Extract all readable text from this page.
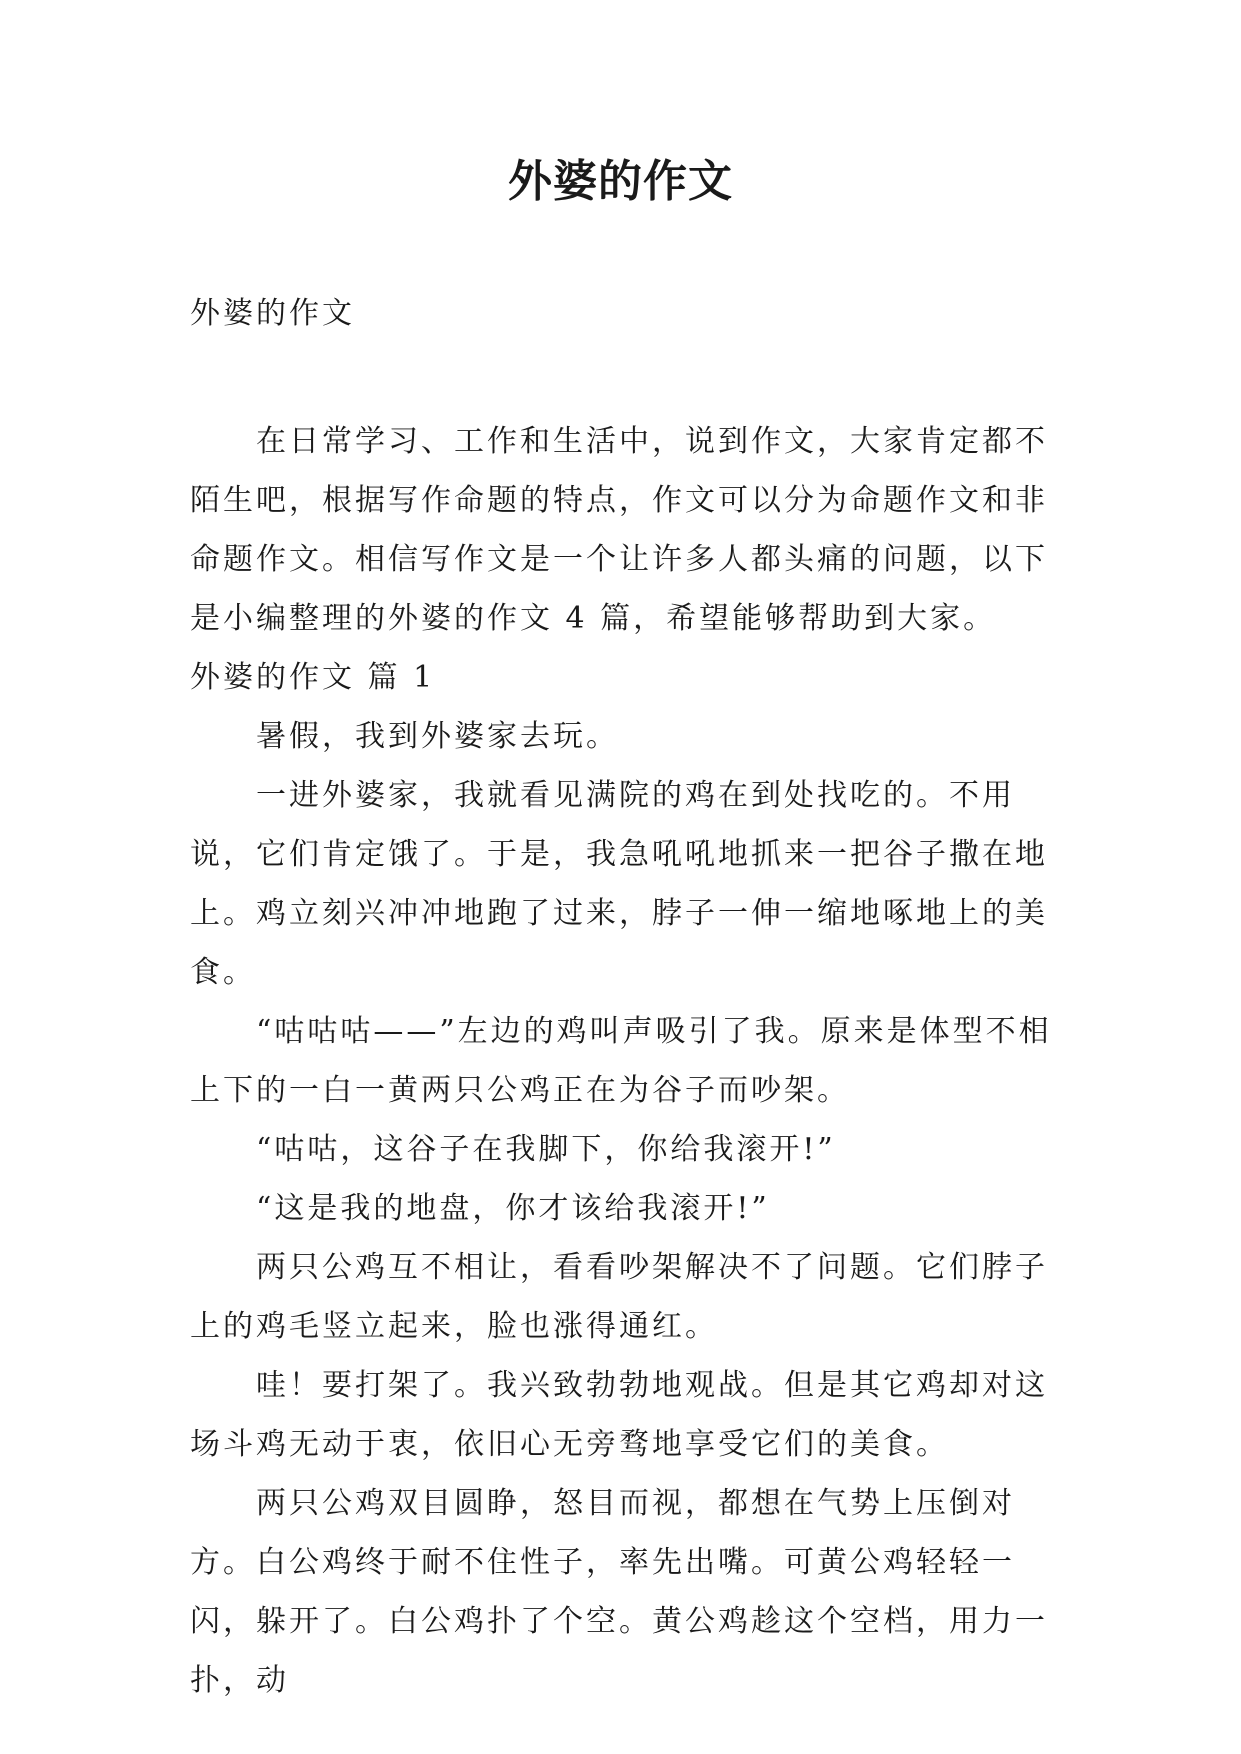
外婆的作文

外婆的作文

在日常学习、工作和生活中，说到作文，大家肯定都不陌生吧，根据写作命题的特点，作文可以分为命题作文和非命题作文。相信写作文是一个让许多人都头痛的问题，以下是小编整理的外婆的作文 4 篇，希望能够帮助到大家。

外婆的作文 篇 1

暑假，我到外婆家去玩。

一进外婆家，我就看见满院的鸡在到处找吃的。不用说，它们肯定饿了。于是，我急吼吼地抓来一把谷子撒在地上。鸡立刻兴冲冲地跑了过来，脖子一伸一缩地啄地上的美食。

“咕咕咕——”左边的鸡叫声吸引了我。原来是体型不相上下的一白一黄两只公鸡正在为谷子而吵架。

“咕咕，这谷子在我脚下，你给我滚开!”

“这是我的地盘，你才该给我滚开!”

两只公鸡互不相让，看看吵架解决不了问题。它们脖子上的鸡毛竖立起来，脸也涨得通红。

哇！要打架了。我兴致勃勃地观战。但是其它鸡却对这场斗鸡无动于衷，依旧心无旁骛地享受它们的美食。

两只公鸡双目圆睁，怒目而视，都想在气势上压倒对方。白公鸡终于耐不住性子，率先出嘴。可黄公鸡轻轻一闪，躲开了。白公鸡扑了个空。黄公鸡趁这个空档，用力一扑，动
